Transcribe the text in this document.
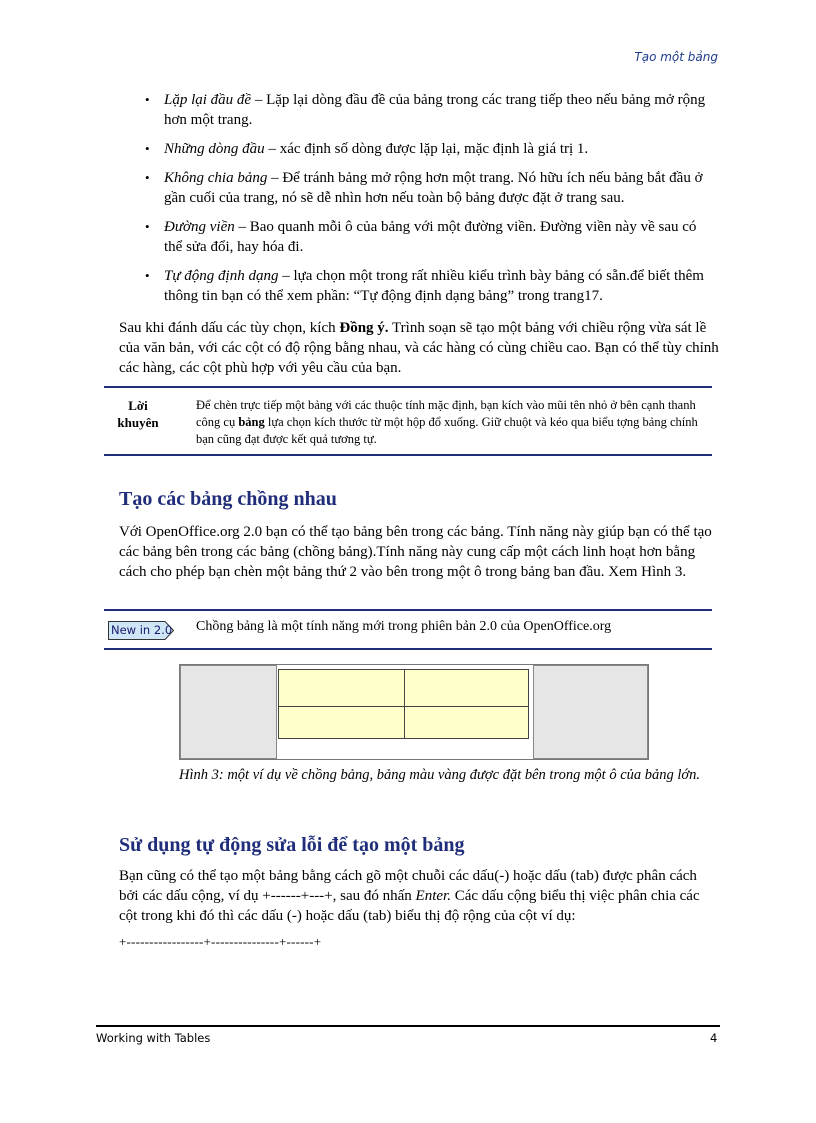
Tạo một bảng
• Lặp lại đầu đề – Lặp lại dòng đầu đề của bảng trong các trang tiếp theo nếu bảng mở rộng hơn một trang.
• Những dòng đầu – xác định số dòng được lặp lại, mặc định là giá trị 1.
• Không chia bảng – Để tránh bảng mở rộng hơn một trang. Nó hữu ích nếu bảng bắt đầu ở gần cuối của trang, nó sẽ dễ nhìn hơn nếu toàn bộ bảng được đặt ở trang sau.
• Đường viền – Bao quanh mỗi ô của bảng với một đường viền. Đường viền này về sau có thể sửa đổi, hay hóa đi.
• Tự động định dạng – lựa chọn một trong rất nhiều kiểu trình bày bảng có sẵn.để biết thêm thông tin bạn có thể xem phần: “Tự động định dạng bảng” trong trang17.

Sau khi đánh dấu các tùy chọn, kích Đồng ý. Trình soạn sẽ tạo một bảng với chiều rộng vừa sát lề của văn bản, với các cột có độ rộng bằng nhau, và các hàng có cùng chiều cao. Bạn có thể tùy chỉnh các hàng, các cột phù hợp với yêu cầu của bạn.

Lời
khuyên

Để chèn trực tiếp một bảng với các thuộc tính mặc định, bạn kích vào mũi tên nhỏ ở bên cạnh thanh công cụ bảng lựa chọn kích thước từ một hộp đổ xuống. Giữ chuột và kéo qua biểu tợng bảng chính bạn cũng đạt được kết quả tương tự.

Tạo các bảng chồng nhau

Với OpenOffice.org 2.0 bạn có thể tạo bảng bên trong các bảng. Tính năng này giúp bạn có thể tạo các bảng bên trong các bảng (chồng bảng).Tính năng này cung cấp một cách linh hoạt hơn bằng cách cho phép bạn chèn một bảng thứ 2 vào bên trong một ô trong bảng ban đầu. Xem Hình 3.

New in 2.0 Chồng bảng là một tính năng mới trong phiên bản 2.0 của OpenOffice.org

Hình 3: một ví dụ về chồng bảng, bảng màu vàng được đặt bên trong một ô của bảng lớn.

Sử dụng tự động sửa lỗi để tạo một bảng

Bạn cũng có thể tạo một bảng bằng cách gõ một chuỗi các dấu(-) hoặc dấu (tab) được phân cách bởi các dấu cộng, ví dụ +------+---+, sau đó nhấn Enter. Các dấu cộng biểu thị việc phân chia các cột trong khi đó thì các dấu (-) hoặc dấu (tab) biểu thị độ rộng của cột ví dụ:

+-----------------+---------------+------+
Working with Tables	4
